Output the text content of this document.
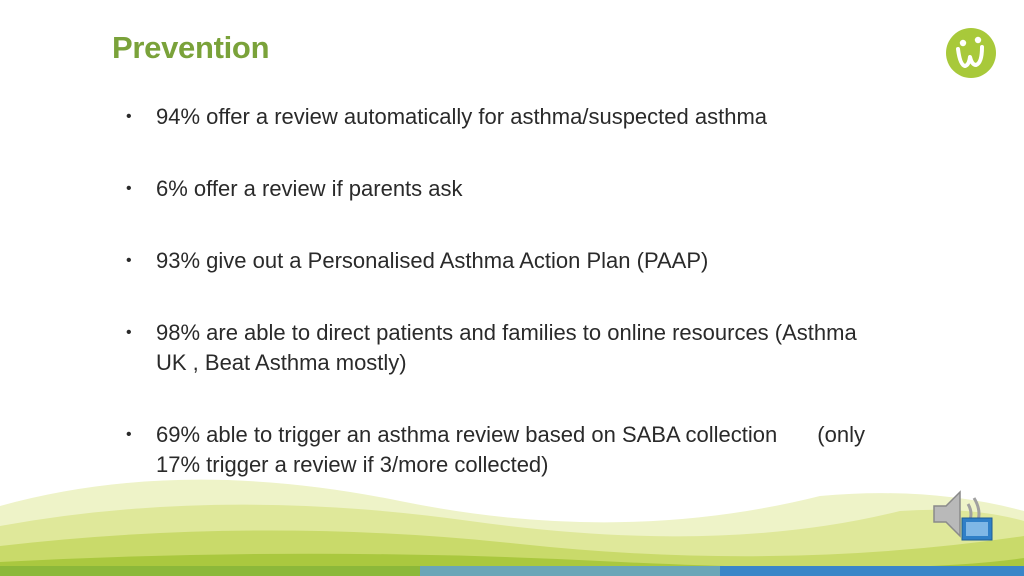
Prevention
• 94% offer a review automatically for asthma/suspected asthma
• 6% offer a review if parents ask
• 93% give out a Personalised Asthma Action Plan (PAAP)
• 98% are able to direct patients and families to online resources (Asthma UK , Beat Asthma mostly)
• 69% able to trigger an asthma review based on SABA collection (only 17% trigger a review if 3/more collected)
